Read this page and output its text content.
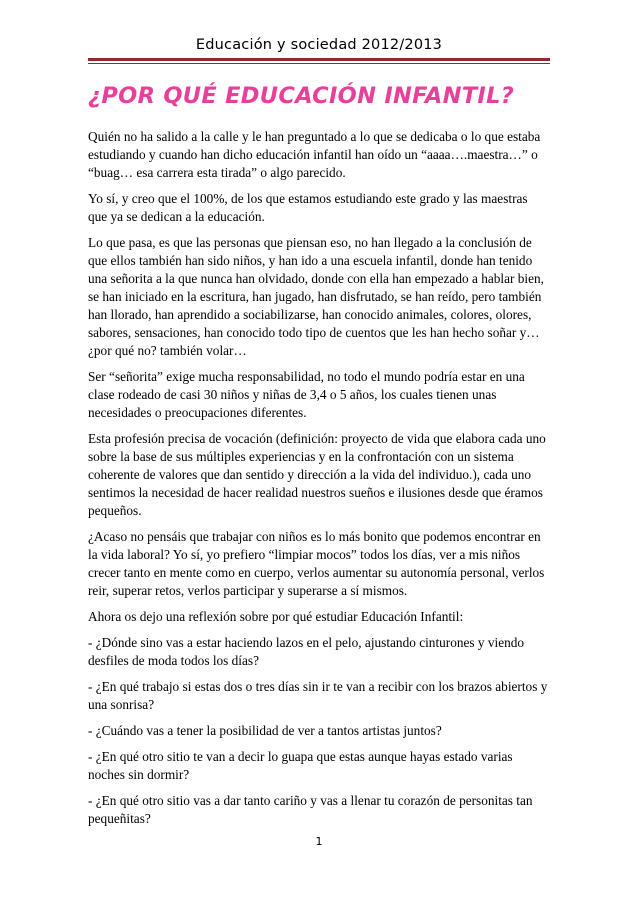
Educación y sociedad 2012/2013
¿POR QUÉ EDUCACIÓN INFANTIL?

Quién no ha salido a la calle y le han preguntado a lo que se dedicaba o lo que estaba estudiando y cuando han dicho educación infantil han oído un “aaaa….maestra…” o “buag… esa carrera esta tirada” o algo parecido.

Yo sí, y creo que el 100%, de los que estamos estudiando este grado y las maestras que ya se dedican a la educación.

Lo que pasa, es que las personas que piensan eso, no han llegado a la conclusión de que ellos también han sido niños, y han ido a una escuela infantil, donde han tenido una señorita a la que nunca han olvidado, donde con ella han empezado a hablar bien, se han iniciado en la escritura, han jugado, han disfrutado, se han reído, pero también han llorado, han aprendido a sociabilizarse, han conocido animales, colores, olores, sabores, sensaciones, han conocido todo tipo de cuentos que les han hecho soñar y… ¿por qué no? también volar…

Ser “señorita” exige mucha responsabilidad, no todo el mundo podría estar en una clase rodeado de casi 30 niños y niñas de 3,4 o 5 años, los cuales tienen unas necesidades o preocupaciones diferentes.

Esta profesión precisa de vocación (definición: proyecto de vida que elabora cada uno sobre la base de sus múltiples experiencias y en la confrontación con un sistema coherente de valores que dan sentido y dirección a la vida del individuo.), cada uno sentimos la necesidad de hacer realidad nuestros sueños e ilusiones desde que éramos pequeños.

¿Acaso no pensáis que trabajar con niños es lo más bonito que podemos encontrar en la vida laboral? Yo sí, yo prefiero “limpiar mocos” todos los días, ver a mis niños crecer tanto en mente como en cuerpo, verlos aumentar su autonomía personal, verlos reir, superar retos, verlos participar y superarse a sí mismos.

Ahora os dejo una reflexión sobre por qué estudiar Educación Infantil:

- ¿Dónde sino vas a estar haciendo lazos en el pelo, ajustando cinturones y viendo desfiles de moda todos los días?

- ¿En qué trabajo si estas dos o tres días sin ir te van a recibir con los brazos abiertos y una sonrisa?

- ¿Cuándo vas a tener la posibilidad de ver a tantos artistas juntos?

- ¿En qué otro sitio te van a decir lo guapa que estas aunque hayas estado varias noches sin dormir?

- ¿En qué otro sitio vas a dar tanto cariño y vas a llenar tu corazón de personitas tan pequeñitas?

1
